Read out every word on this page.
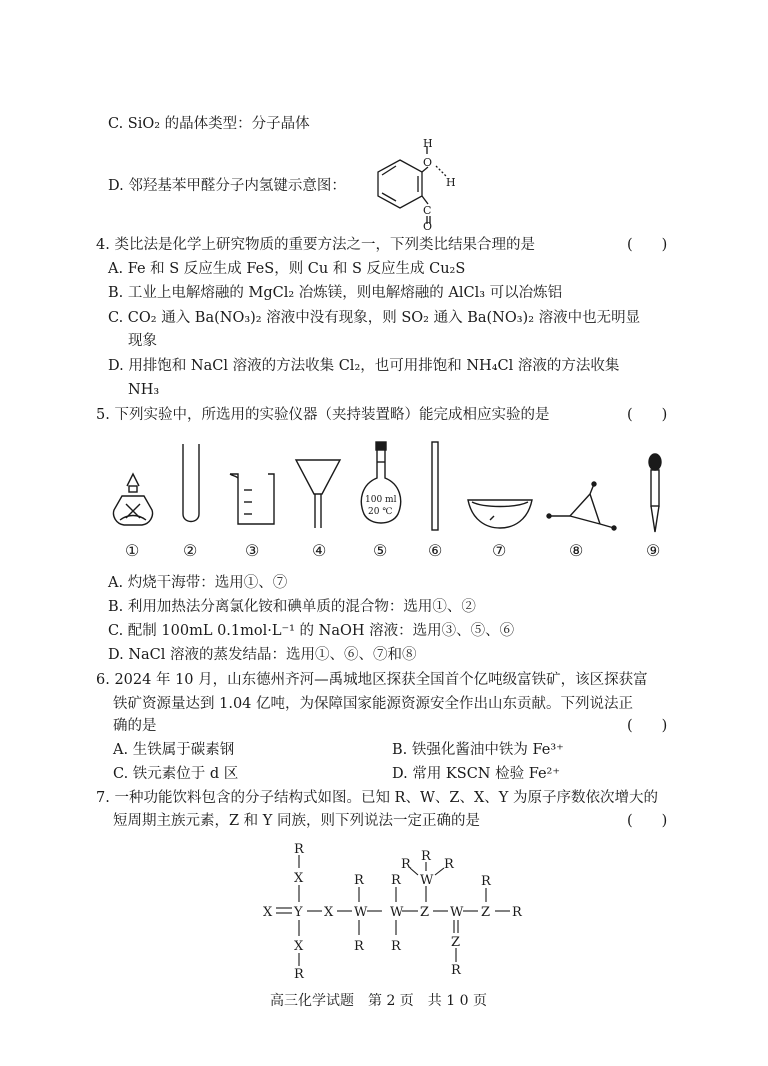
C. SiO₂ 的晶体类型：分子晶体
D. 邻羟基苯甲醛分子内氢键示意图：
H
O
H
C
O
4. 类比法是化学上研究物质的重要方法之一，下列类比结果合理的是	(　　)
A. Fe 和 S 反应生成 FeS，则 Cu 和 S 反应生成 Cu₂S
B. 工业上电解熔融的 MgCl₂ 冶炼镁，则电解熔融的 AlCl₃ 可以冶炼铝
C. CO₂ 通入 Ba(NO₃)₂ 溶液中没有现象，则 SO₂ 通入 Ba(NO₃)₂ 溶液中也无明显
现象
D. 用排饱和 NaCl 溶液的方法收集 Cl₂，也可用排饱和 NH₄Cl 溶液的方法收集
NH₃
5. 下列实验中，所选用的实验仪器（夹持装置略）能完成相应实验的是	(　　)
100 ml
20 ℃
①	②	③	④	⑤	⑥	⑦	⑧	⑨
A. 灼烧干海带：选用①、⑦
B. 利用加热法分离氯化铵和碘单质的混合物：选用①、②
C. 配制 100mL 0.1mol·L⁻¹ 的 NaOH 溶液：选用③、⑤、⑥
D. NaCl 溶液的蒸发结晶：选用①、⑥、⑦和⑧
6. 2024 年 10 月，山东德州齐河—禹城地区探获全国首个亿吨级富铁矿，该区探获富
铁矿资源量达到 1.04 亿吨，为保障国家能源资源安全作出山东贡献。下列说法正
确的是	(　　)
A. 生铁属于碳素钢	B. 铁强化酱油中铁为 Fe³⁺
C. 铁元素位于 d 区	D. 常用 KSCN 检验 Fe²⁺
7. 一种功能饮料包含的分子结构式如图。已知 R、W、Z、X、Y 为原子序数依次增大的
短周期主族元素，Z 和 Y 同族，则下列说法一定正确的是	(　　)
R
X
X Y X W W Z W Z R
X
R
R
R
R
R
W
R
R	R
Z
R
R
高三化学试题　第 2 页　共 1 0 页
